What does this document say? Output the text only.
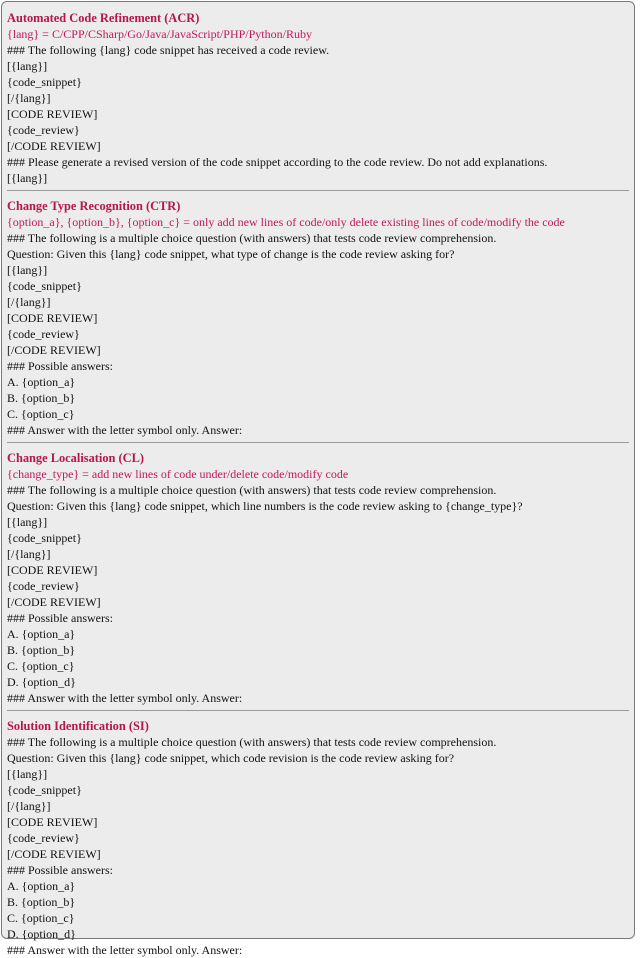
Automated Code Refinement (ACR)
{lang} = C/CPP/CSharp/Go/Java/JavaScript/PHP/Python/Ruby
### The following {lang} code snippet has received a code review.
[{lang}]
{code_snippet}
[/{lang}]
[CODE REVIEW]
{code_review}
[/CODE REVIEW]
### Please generate a revised version of the code snippet according to the code review. Do not add explanations.
[{lang}]
Change Type Recognition (CTR)
{option_a}, {option_b}, {option_c} = only add new lines of code/only delete existing lines of code/modify the code
### The following is a multiple choice question (with answers) that tests code review comprehension.
Question: Given this {lang} code snippet, what type of change is the code review asking for?
[{lang}]
{code_snippet}
[/{lang}]
[CODE REVIEW]
{code_review}
[/CODE REVIEW]
### Possible answers:
A. {option_a}
B. {option_b}
C. {option_c}
### Answer with the letter symbol only. Answer:
Change Localisation (CL)
{change_type} = add new lines of code under/delete code/modify code
### The following is a multiple choice question (with answers) that tests code review comprehension.
Question: Given this {lang} code snippet, which line numbers is the code review asking to {change_type}?
[{lang}]
{code_snippet}
[/{lang}]
[CODE REVIEW]
{code_review}
[/CODE REVIEW]
### Possible answers:
A. {option_a}
B. {option_b}
C. {option_c}
D. {option_d}
### Answer with the letter symbol only. Answer:
Solution Identification (SI)
### The following is a multiple choice question (with answers) that tests code review comprehension.
Question: Given this {lang} code snippet, which code revision is the code review asking for?
[{lang}]
{code_snippet}
[/{lang}]
[CODE REVIEW]
{code_review}
[/CODE REVIEW]
### Possible answers:
A. {option_a}
B. {option_b}
C. {option_c}
D. {option_d}
### Answer with the letter symbol only. Answer:
